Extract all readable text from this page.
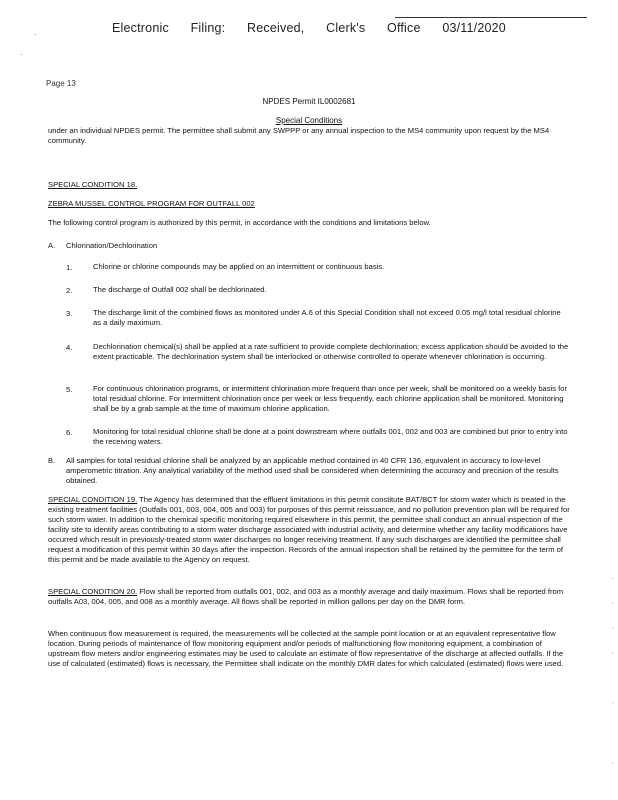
Electronic Filing: Received, Clerk's Office 03/11/2020
·
·
Page 13
NPDES Permit IL0002681
Special Conditions
under an individual NPDES permit. The permittee shall submit any SWPPP or any annual inspection to the MS4 community upon request by the MS4 community.
SPECIAL CONDITION 18.
ZEBRA MUSSEL CONTROL PROGRAM FOR OUTFALL 002
The following control program is authorized by this permit, in accordance with the conditions and limitations below.
A. Chlorination/Dechlorination
1.	Chlorine or chlorine compounds may be applied on an intermittent or continuous basis.
2.	The discharge of Outfall 002 shall be dechlorinated.
3.	The discharge limit of the combined flows as monitored under A.6 of this Special Condition shall not exceed 0.05 mg/l total residual chlorine as a daily maximum.
4.	Dechlorination chemical(s) shall be applied at a rate sufficient to provide complete dechlorination; excess application should be avoided to the extent practicable. The dechlorination system shall be interlocked or otherwise controlled to operate whenever chlorination is occurring.
5.	For continuous chlorination programs, or intermittent chlorination more frequent than once per week, shall be monitored on a weekly basis for total residual chlorine. For intermittent chlorination once per week or less frequently, each chlorine application shall be monitored. Monitoring shall be by a grab sample at the time of maximum chlorine application.
6.	Monitoring for total residual chlorine shall be done at a point downstream where outfalls 001, 002 and 003 are combined but prior to entry into the receiving waters.
B. All samples for total residual chlorine shall be analyzed by an applicable method contained in 40 CFR 136, equivalent in accuracy to low-level amperometric titration. Any analytical variability of the method used shall be considered when determining the accuracy and precision of the results obtained.
SPECIAL CONDITION 19. The Agency has determined that the effluent limitations in this permit constitute BAT/BCT for storm water which is treated in the existing treatment facilities (Outfalls 001, 003, 004, 005 and 003) for purposes of this permit reissuance, and no pollution prevention plan will be required for such storm water. In addition to the chemical specific monitoring required elsewhere in this permit, the permittee shall conduct an annual inspection of the facility site to identify areas contributing to a storm water discharge associated with industrial activity, and determine whether any facility modifications have occurred which result in previously-treated storm water discharges no longer receiving treatment. If any such discharges are identified the permittee shall request a modification of this permit within 30 days after the inspection. Records of the annual inspection shall be retained by the permittee for the term of this permit and be made available to the Agency on request.
SPECIAL CONDITION 20. Flow shall be reported from outfalls 001, 002, and 003 as a monthly average and daily maximum. Flows shall be reported from outfalls A03, 004, 005, and 008 as a monthly average. All flows shall be reported in million gallons per day on the DMR form.
When continuous flow measurement is required, the measurements will be collected at the sample point location or at an equivalent representative flow location. During periods of maintenance of flow monitoring equipment and/or periods of malfunctioning flow monitoring equipment, a combination of upstream flow meters and/or engineering estimates may be used to calculate an estimate of flow representative of the discharge at affected outfalls. If the use of calculated (estimated) flows is necessary, the Permittee shall indicate on the monthly DMR dates for which calculated (estimated) flows were used.
·
·
·
·
·
·
